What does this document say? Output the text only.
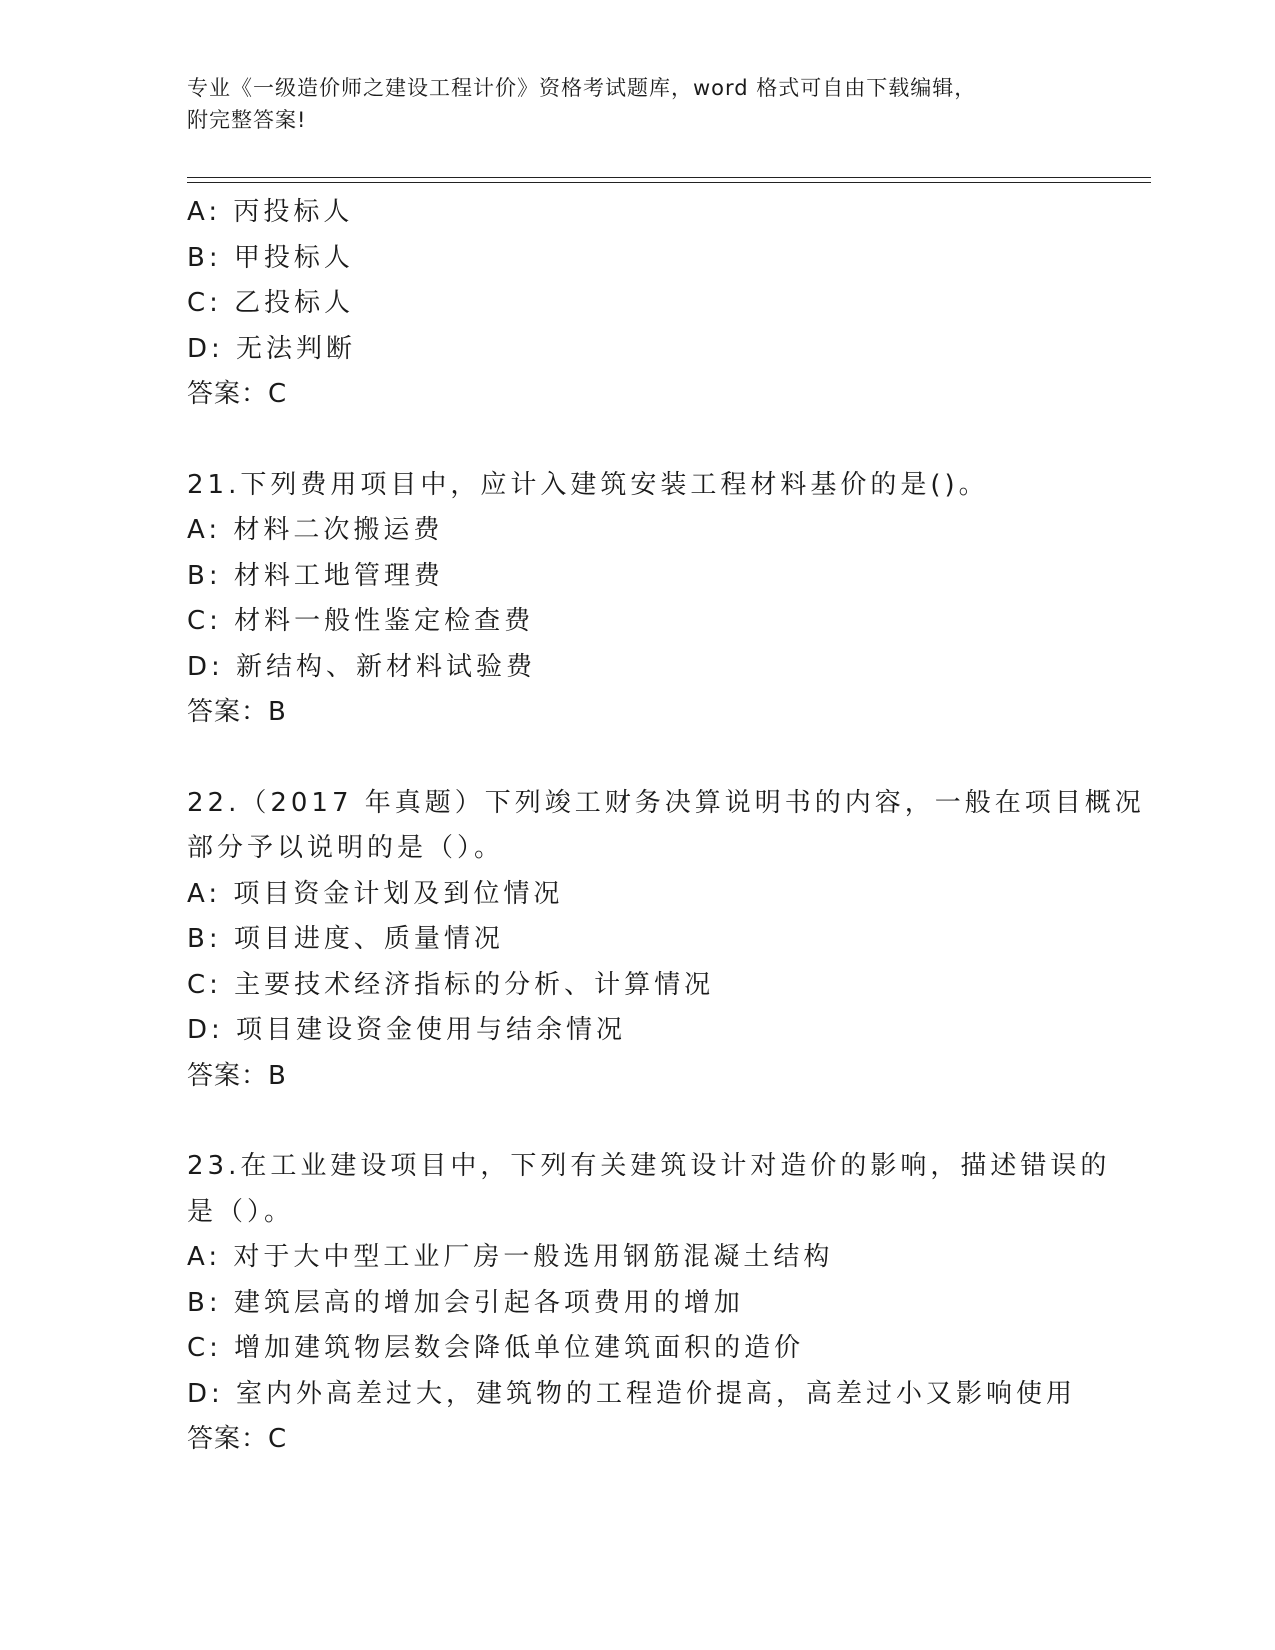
专业《一级造价师之建设工程计价》资格考试题库，word 格式可自由下载编辑，
附完整答案!
A: 丙投标人
B: 甲投标人
C: 乙投标人
D: 无法判断
答案：C
21.下列费用项目中，应计入建筑安装工程材料基价的是()。
A: 材料二次搬运费
B: 材料工地管理费
C: 材料一般性鉴定检查费
D: 新结构、新材料试验费
答案：B
22.（2017 年真题）下列竣工财务决算说明书的内容，一般在项目概况
部分予以说明的是（）。
A: 项目资金计划及到位情况
B: 项目进度、质量情况
C: 主要技术经济指标的分析、计算情况
D: 项目建设资金使用与结余情况
答案：B
23.在工业建设项目中，下列有关建筑设计对造价的影响，描述错误的
是（）。
A: 对于大中型工业厂房一般选用钢筋混凝土结构
B: 建筑层高的增加会引起各项费用的增加
C: 增加建筑物层数会降低单位建筑面积的造价
D: 室内外高差过大，建筑物的工程造价提高，高差过小又影响使用
答案：C
